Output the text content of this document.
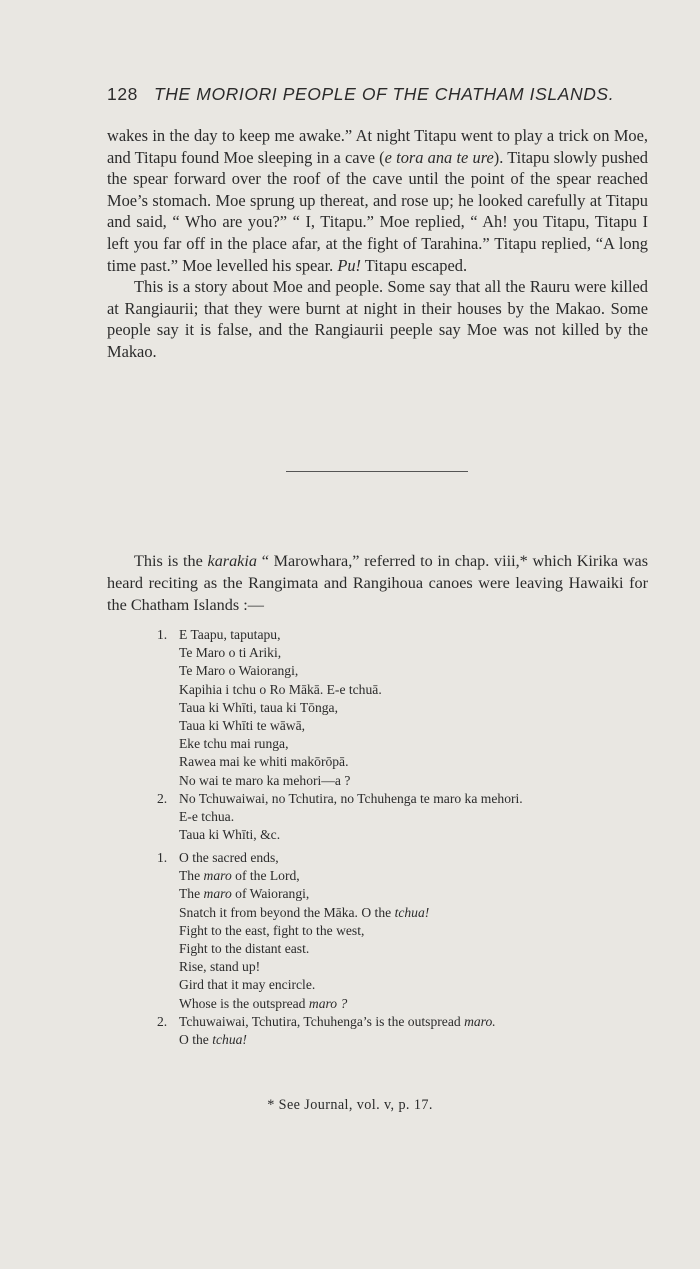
128 THE MORIORI PEOPLE OF THE CHATHAM ISLANDS.

wakes in the day to keep me awake.” At night Titapu went to play a trick on Moe, and Titapu found Moe sleeping in a cave (e tora ana te ure). Titapu slowly pushed the spear forward over the roof of the cave until the point of the spear reached Moe’s stomach. Moe sprung up thereat, and rose up; he looked carefully at Titapu and said, “ Who are you?” “ I, Titapu.” Moe replied, “ Ah! you Titapu, Titapu I left you far off in the place afar, at the fight of Tarahina.” Titapu replied, “A long time past.” Moe levelled his spear. Pu! Titapu escaped.

This is a story about Moe and people. Some say that all the Rauru were killed at Rangiaurii; that they were burnt at night in their houses by the Makao. Some people say it is false, and the Rangiaurii peeple say Moe was not killed by the Makao.

This is the karakia “ Marowhara,” referred to in chap. viii,* which Kirika was heard reciting as the Rangimata and Rangihoua canoes were leaving Hawaiki for the Chatham Islands :—

1. E Taapu, taputapu,
Te Maro o ti Ariki,
Te Maro o Waiorangi,
Kapihia i tchu o Ro Mākā. E-e tchuā.
Taua ki Whīti, taua ki Tōnga,
Taua ki Whīti te wāwā,
Eke tchu mai runga,
Rawea mai ke whiti makōrōpā.
No wai te maro ka mehori—a ?
2. No Tchuwaiwai, no Tchutira, no Tchuhenga te maro ka mehori.
E-e tchua.
Taua ki Whīti, &c.
1. O the sacred ends,
The maro of the Lord,
The maro of Waiorangi,
Snatch it from beyond the Māka. O the tchua!
Fight to the east, fight to the west,
Fight to the distant east.
Rise, stand up!
Gird that it may encircle.
Whose is the outspread maro ?
2. Tchuwaiwai, Tchutira, Tchuhenga’s is the outspread maro.
O the tchua!
* See Journal, vol. v, p. 17.
